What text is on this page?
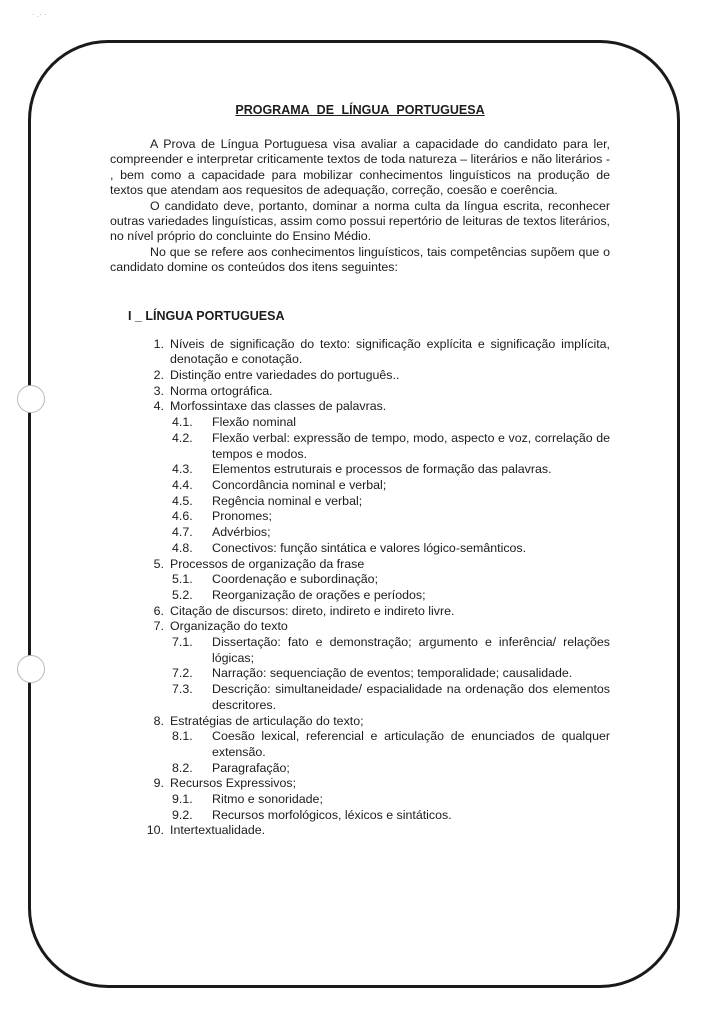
· .· ·
PROGRAMA DE LÍNGUA PORTUGUESA

A Prova de Língua Portuguesa visa avaliar a capacidade do candidato para ler, compreender e interpretar criticamente textos de toda natureza – literários e não literários - , bem como a capacidade para mobilizar conhecimentos linguísticos na produção de textos que atendam aos requesitos de adequação, correção, coesão e coerência.

O candidato deve, portanto, dominar a norma culta da língua escrita, reconhecer outras variedades linguísticas, assim como possui repertório de leituras de textos literários, no nível próprio do concluinte do Ensino Médio.

No que se refere aos conhecimentos linguísticos, tais competências supõem que o candidato domine os conteúdos dos itens seguintes:

I _ LÍNGUA PORTUGUESA
1. Níveis de significação do texto: significação explícita e significação implícita, denotação e conotação.
2. Distinção entre variedades do português..
3. Norma ortográfica.
4. Morfossintaxe das classes de palavras.
4.1.	Flexão nominal
4.2.	Flexão verbal: expressão de tempo, modo, aspecto e voz, correlação de tempos e modos.
4.3.	Elementos estruturais e processos de formação das palavras.
4.4.	Concordância nominal e verbal;
4.5.	Regência nominal e verbal;
4.6.	Pronomes;
4.7.	Advérbios;
4.8.	Conectivos: função sintática e valores lógico-semânticos.
5. Processos de organização da frase
5.1.	Coordenação e subordinação;
5.2.	Reorganização de orações e períodos;
6. Citação de discursos: direto, indireto e indireto livre.
7. Organização do texto
7.1.	Dissertação: fato e demonstração; argumento e inferência/ relações lógicas;
7.2.	Narração: sequenciação de eventos; temporalidade; causalidade.
7.3.	Descrição: simultaneidade/ espacialidade na ordenação dos elementos descritores.
8. Estratégias de articulação do texto;
8.1.	Coesão lexical, referencial e articulação de enunciados de qualquer extensão.
8.2.	Paragrafação;
9. Recursos Expressivos;
9.1.	Ritmo e sonoridade;
9.2.	Recursos morfológicos, léxicos e sintáticos.
10. Intertextualidade.
